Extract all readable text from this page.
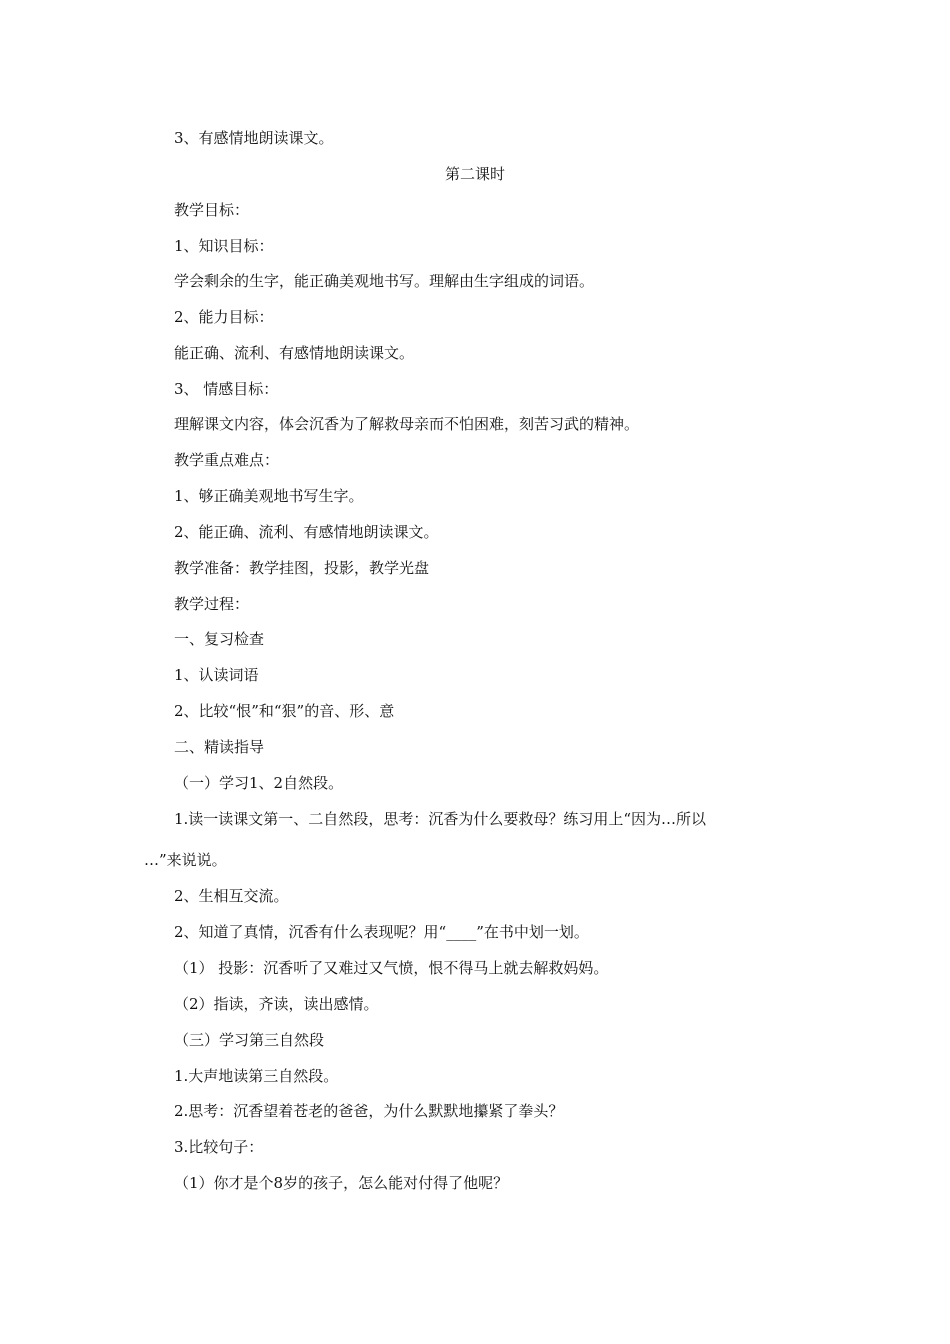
3、有感情地朗读课文。
第二课时
教学目标：
1、知识目标：
学会剩余的生字，能正确美观地书写。理解由生字组成的词语。
2、能力目标：
能正确、流利、有感情地朗读课文。
3、 情感目标：
理解课文内容，体会沉香为了解救母亲而不怕困难，刻苦习武的精神。
教学重点难点：
1、够正确美观地书写生字。
2、能正确、流利、有感情地朗读课文。
教学准备：教学挂图，投影，教学光盘
教学过程：
一、复习检查
1、认读词语
2、比较“恨”和“狠”的音、形、意
二、精读指导
（一）学习1、2自然段。
1.读一读课文第一、二自然段，思考：沉香为什么要救母？练习用上“因为…所以
…”来说说。
2、生相互交流。
2、知道了真情，沉香有什么表现呢？用“____”在书中划一划。
（1） 投影：沉香听了又难过又气愤，恨不得马上就去解救妈妈。
（2）指读，齐读，读出感情。
（三）学习第三自然段
1.大声地读第三自然段。
2.思考：沉香望着苍老的爸爸，为什么默默地攥紧了拳头？
3.比较句子：
（1）你才是个8岁的孩子，怎么能对付得了他呢？
